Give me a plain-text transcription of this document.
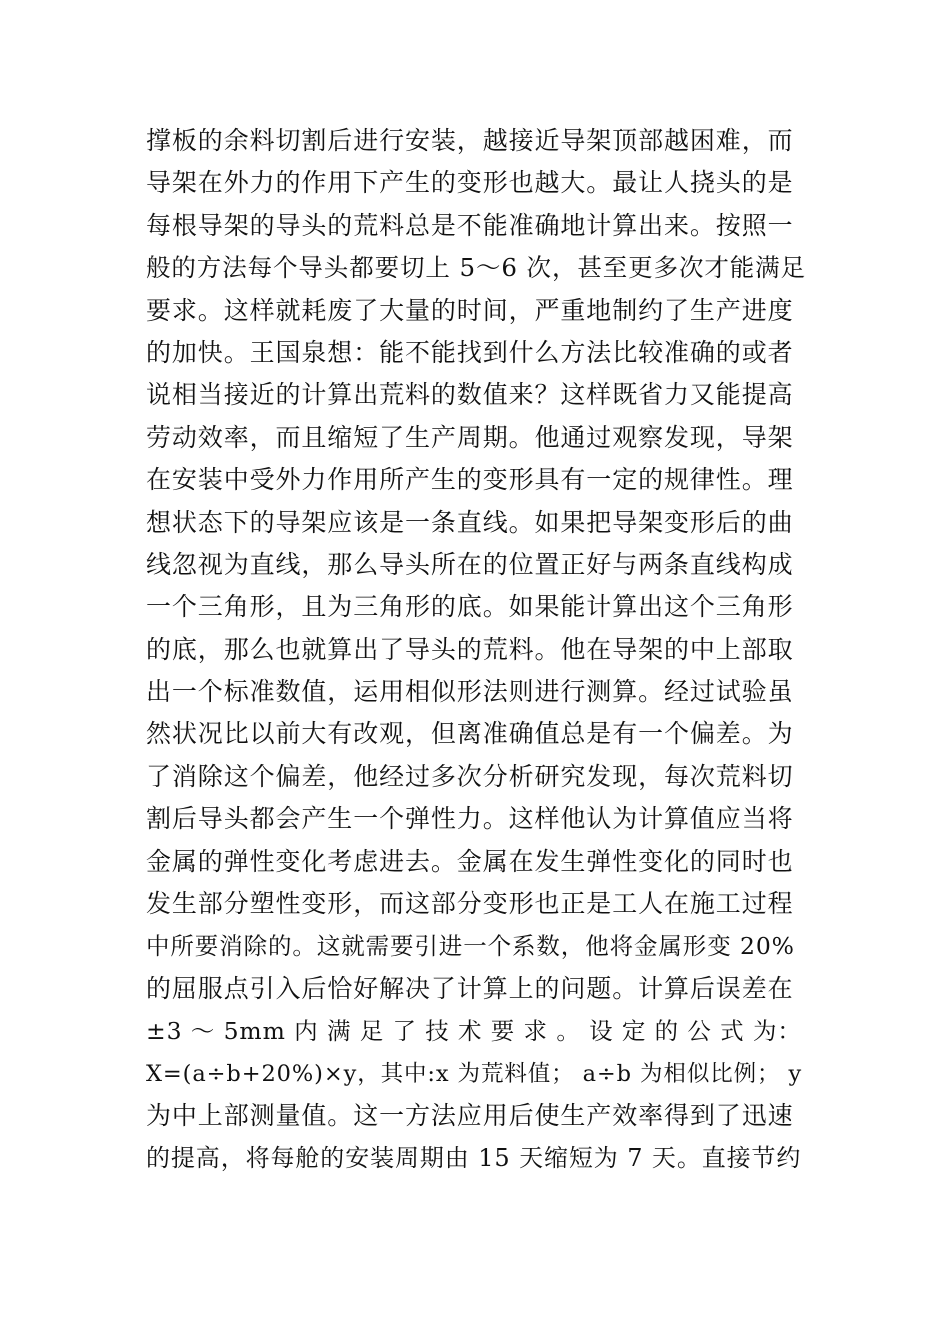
撑板的余料切割后进行安装，越接近导架顶部越困难，而
导架在外力的作用下产生的变形也越大。最让人挠头的是
每根导架的导头的荒料总是不能准确地计算出来。按照一
般的方法每个导头都要切上 5～6 次，甚至更多次才能满足
要求。这样就耗废了大量的时间，严重地制约了生产进度
的加快。王国泉想：能不能找到什么方法比较准确的或者
说相当接近的计算出荒料的数值来？这样既省力又能提高
劳动效率，而且缩短了生产周期。他通过观察发现，导架
在安装中受外力作用所产生的变形具有一定的规律性。理
想状态下的导架应该是一条直线。如果把导架变形后的曲
线忽视为直线，那么导头所在的位置正好与两条直线构成
一个三角形，且为三角形的底。如果能计算出这个三角形
的底，那么也就算出了导头的荒料。他在导架的中上部取
出一个标准数值，运用相似形法则进行测算。经过试验虽
然状况比以前大有改观，但离准确值总是有一个偏差。为
了消除这个偏差，他经过多次分析研究发现，每次荒料切
割后导头都会产生一个弹性力。这样他认为计算值应当将
金属的弹性变化考虑进去。金属在发生弹性变化的同时也
发生部分塑性变形，而这部分变形也正是工人在施工过程
中所要消除的。这就需要引进一个系数，他将金属形变 20%
的屈服点引入后恰好解决了计算上的问题。计算后误差在
±3 ～ 5mm 内 满 足 了 技 术 要 求 。 设 定 的 公 式 为：
X=(a÷b+20%)×y，其中:x 为荒料值； a÷b 为相似比例； y
为中上部测量值。这一方法应用后使生产效率得到了迅速
的提高，将每舱的安装周期由 15 天缩短为 7 天。直接节约
